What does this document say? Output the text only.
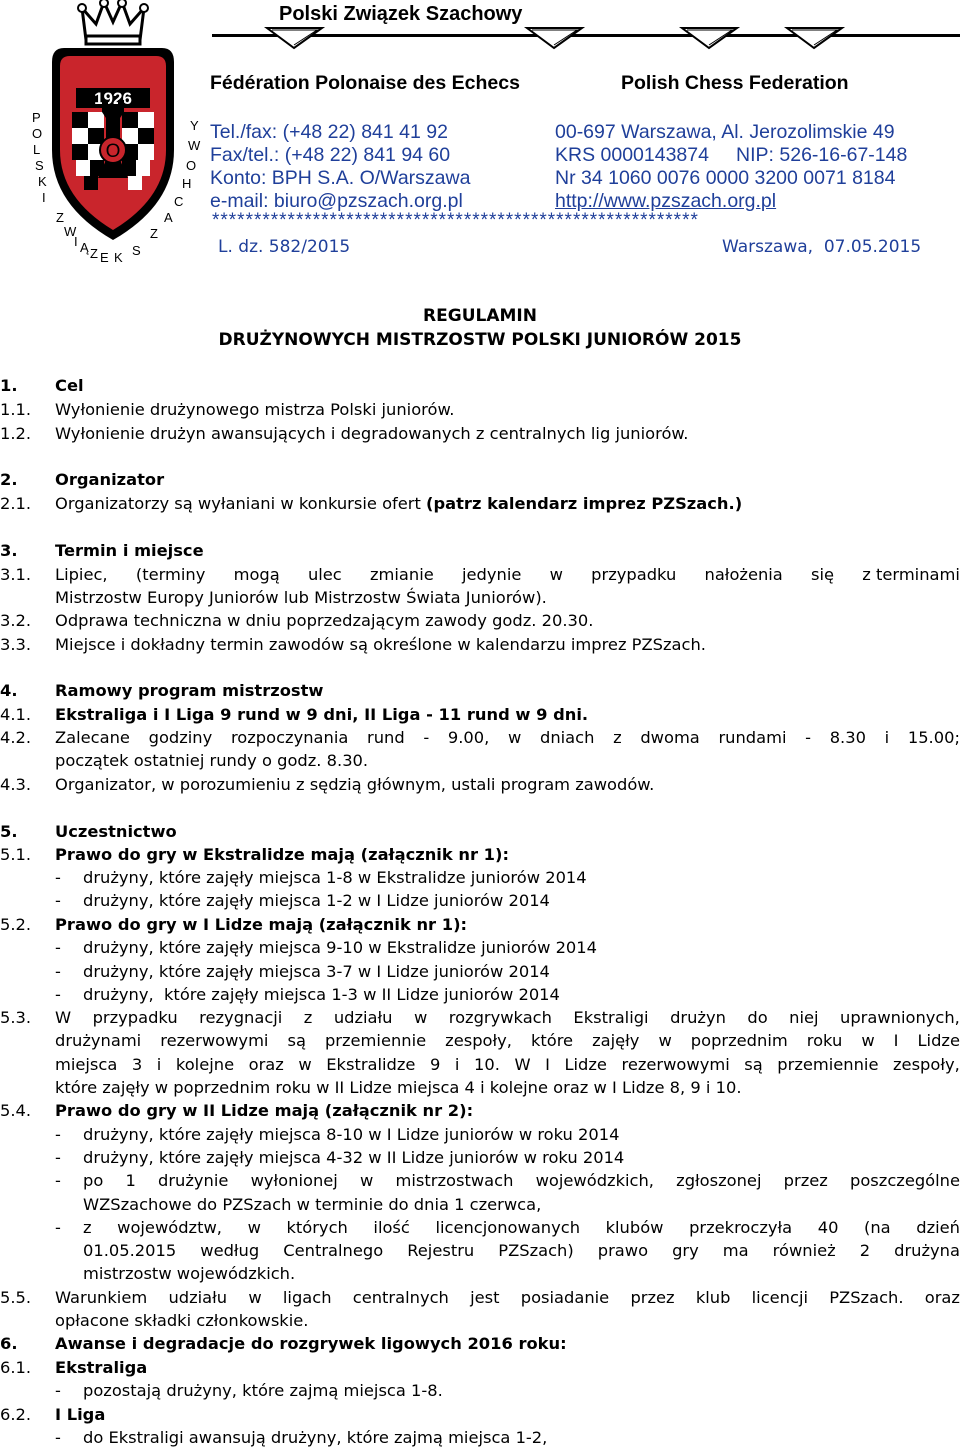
1926
O
P
O
L
S
K
I
Z
W
I Ą Z E K S
Z
A
C
H
O
W
Y
Polski Związek Szachowy
Fédération Polonaise des Echecs	Polish Chess Federation
Tel./fax: (+48 22) 841 41 92
Fax/tel.: (+48 22) 841 94 60
Konto: BPH S.A. O/Warszawa
e-mail: biuro@pzszach.org.pl
00-697 Warszawa, Al. Jerozolimskie 49
KRS 0000143874     NIP: 526-16-67-148
Nr 34 1060 0076 0000 3200 0071 8184
http://www.pzszach.org.pl
**********************************************************
L. dz. 582/2015	Warszawa,  07.05.2015
REGULAMIN
DRUŻYNOWYCH MISTRZOSTW POLSKI JUNIORÓW 2015
1. Cel
1.1. Wyłonienie drużynowego mistrza Polski juniorów.
1.2. Wyłonienie drużyn awansujących i degradowanych z centralnych lig juniorów.
2. Organizator
2.1. Organizatorzy są wyłaniani w konkursie ofert (patrz kalendarz imprez PZSzach.)
3. Termin i miejsce
3.1. Lipiec, (terminy mogą ulec zmianie jedynie w przypadku nałożenia się z terminami
Mistrzostw Europy Juniorów lub Mistrzostw Świata Juniorów).
3.2. Odprawa techniczna w dniu poprzedzającym zawody godz. 20.30.
3.3. Miejsce i dokładny termin zawodów są określone w kalendarzu imprez PZSzach.
4. Ramowy program mistrzostw
4.1. Ekstraliga i I Liga 9 rund w 9 dni, II Liga - 11 rund w 9 dni.
4.2. Zalecane godziny rozpoczynania rund - 9.00, w dniach z dwoma rundami - 8.30 i 15.00;
początek ostatniej rundy o godz. 8.30.
4.3. Organizator, w porozumieniu z sędzią głównym, ustali program zawodów.
5. Uczestnictwo
5.1. Prawo do gry w Ekstralidze mają (załącznik nr 1):
- drużyny, które zajęły miejsca 1-8 w Ekstralidze juniorów 2014
- drużyny, które zajęły miejsca 1-2 w I Lidze juniorów 2014
5.2. Prawo do gry w I Lidze mają (załącznik nr 1):
- drużyny, które zajęły miejsca 9-10 w Ekstralidze juniorów 2014
- drużyny, które zajęły miejsca 3-7 w I Lidze juniorów 2014
- drużyny,  które zajęły miejsca 1-3 w II Lidze juniorów 2014
5.3. W przypadku rezygnacji z udziału w rozgrywkach Ekstraligi drużyn do niej uprawnionych,
drużynami rezerwowymi są przemiennie zespoły, które zajęły w poprzednim roku w I Lidze
miejsca 3 i kolejne oraz w Ekstralidze 9 i 10. W I Lidze rezerwowymi są przemiennie zespoły,
które zajęły w poprzednim roku w II Lidze miejsca 4 i kolejne oraz w I Lidze 8, 9 i 10.
5.4. Prawo do gry w II Lidze mają (załącznik nr 2):
- drużyny, które zajęły miejsca 8-10 w I Lidze juniorów w roku 2014
- drużyny, które zajęły miejsca 4-32 w II Lidze juniorów w roku 2014
- po 1 drużynie wyłonionej w mistrzostwach wojewódzkich, zgłoszonej przez poszczególne
WZSzachowe do PZSzach w terminie do dnia 1 czerwca,
- z województw, w których ilość licencjonowanych klubów przekroczyła 40 (na dzień
01.05.2015 według Centralnego Rejestru PZSzach) prawo gry ma również 2 drużyna
mistrzostw wojewódzkich.
5.5. Warunkiem udziału w ligach centralnych jest posiadanie przez klub licencji PZSzach. oraz
opłacone składki członkowskie.
6. Awanse i degradacje do rozgrywek ligowych 2016 roku:
6.1. Ekstraliga
- pozostają drużyny, które zajmą miejsca 1-8.
6.2. I Liga
- do Ekstraligi awansują drużyny, które zajmą miejsca 1-2,
